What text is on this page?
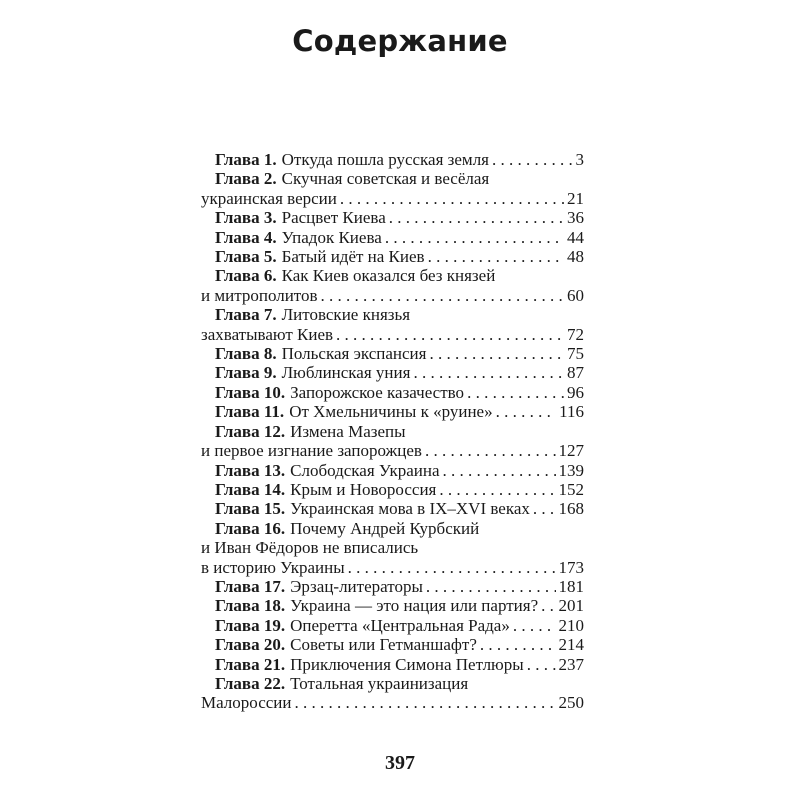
Содержание
Глава 1. Откуда пошла русская земля . . .	3
Глава 2. Скучная советская и весёлая
украинская версии . . .	21
Глава 3. Расцвет Киева . . .	36
Глава 4. Упадок Киева . . .	44
Глава 5. Батый идёт на Киев . . .	48
Глава 6. Как Киев оказался без князей
и митрополитов . . .	60
Глава 7. Литовские князья
захватывают Киев . . .	72
Глава 8. Польская экспансия . . .	75
Глава 9. Люблинская уния . . .	87
Глава 10. Запорожское казачество . . .	96
Глава 11. От Хмельничины к «руине» . . .	116
Глава 12. Измена Мазепы
и первое изгнание запорожцев . . .	127
Глава 13. Слободская Украина . . .	139
Глава 14. Крым и Новороссия . . .	152
Глава 15. Украинская мова в IX–XVI веках . . . 168
Глава 16. Почему Андрей Курбский
и Иван Фёдоров не вписались
в историю Украины . . .	173
Глава 17. Эрзац-литераторы . . .	181
Глава 18. Украина — это нация или партия? . . . 201
Глава 19. Оперетта «Центральная Рада» . . .	210
Глава 20. Советы или Гетманшафт? . . .	214
Глава 21. Приключения Симона Петлюры . . . 237
Глава 22. Тотальная украинизация
Малороссии . . .	250
397
